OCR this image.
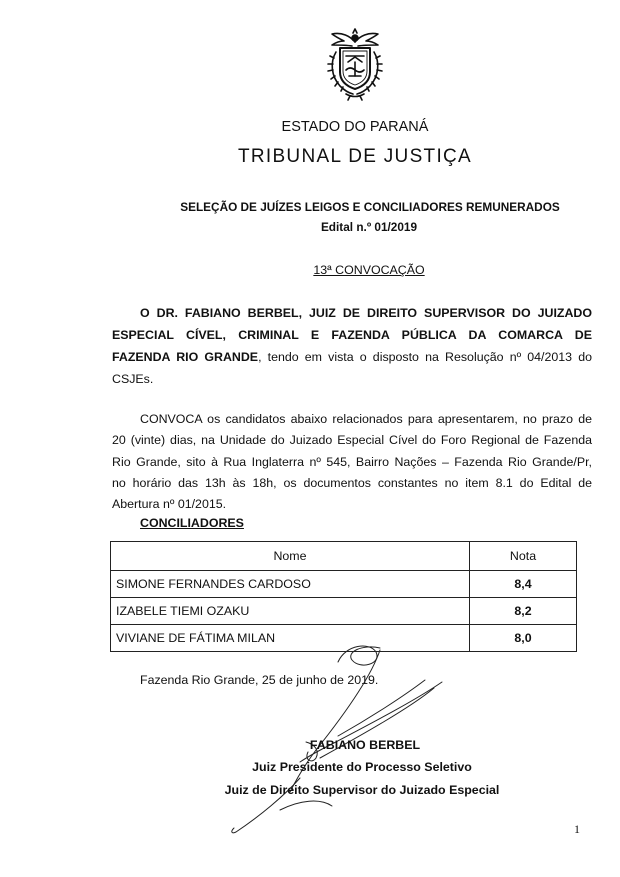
ESTADO DO PARANÁ
TRIBUNAL DE JUSTIÇA
SELEÇÃO DE JUÍZES LEIGOS E CONCILIADORES REMUNERADOS
Edital n.º 01/2019
13ª CONVOCAÇÃO
O DR. FABIANO BERBEL, JUIZ DE DIREITO SUPERVISOR DO JUIZADO
ESPECIAL CÍVEL, CRIMINAL E FAZENDA PÚBLICA DA COMARCA DE
FAZENDA RIO GRANDE, tendo em vista o disposto na Resolução nº 04/2013 do
CSJEs.
CONVOCA os candidatos abaixo relacionados para apresentarem, no prazo de
20 (vinte) dias, na Unidade do Juizado Especial Cível do Foro Regional de Fazenda
Rio Grande, sito à Rua Inglaterra nº 545, Bairro Nações – Fazenda Rio Grande/Pr,
no horário das 13h às 18h, os documentos constantes no item 8.1 do Edital de
Abertura nº 01/2015.
CONCILIADORES
Nome	Nota
SIMONE FERNANDES CARDOSO	8,4
IZABELE TIEMI OZAKU	8,2
VIVIANE DE FÁTIMA MILAN	8,0
Fazenda Rio Grande, 25 de junho de 2019.
FABIANO BERBEL
Juiz Presidente do Processo Seletivo
Juiz de Direito Supervisor do Juizado Especial
1
